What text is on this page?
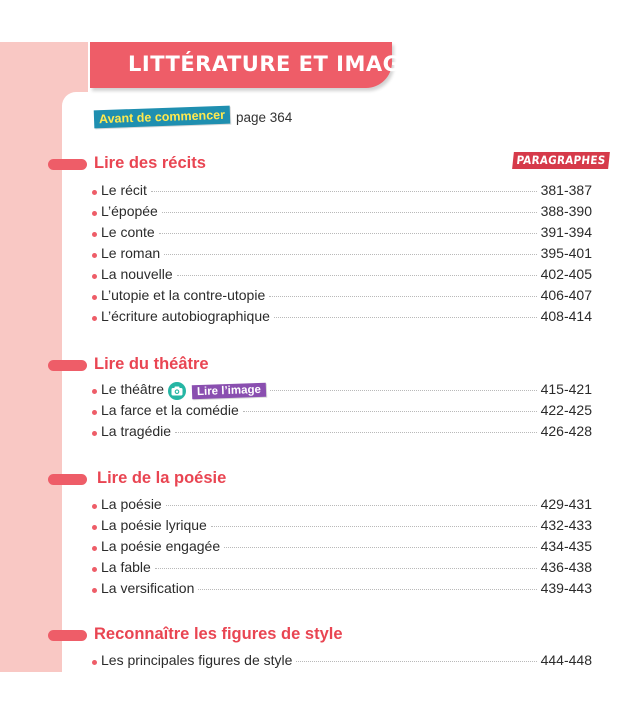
LITTÉRATURE ET IMAGE
Avant de commencer page 364
PARAGRAPHES
Lire des récits
Le récit	381-387
L’épopée	388-390
Le conte	391-394
Le roman	395-401
La nouvelle	402-405
L’utopie et la contre-utopie	406-407
L’écriture autobiographique	408-414
Lire du théâtre
Le théâtre	Lire l’image	415-421
La farce et la comédie	422-425
La tragédie	426-428
Lire de la poésie
La poésie	429-431
La poésie lyrique	432-433
La poésie engagée	434-435
La fable	436-438
La versification	439-443
Reconnaître les figures de style
Les principales figures de style	444-448
